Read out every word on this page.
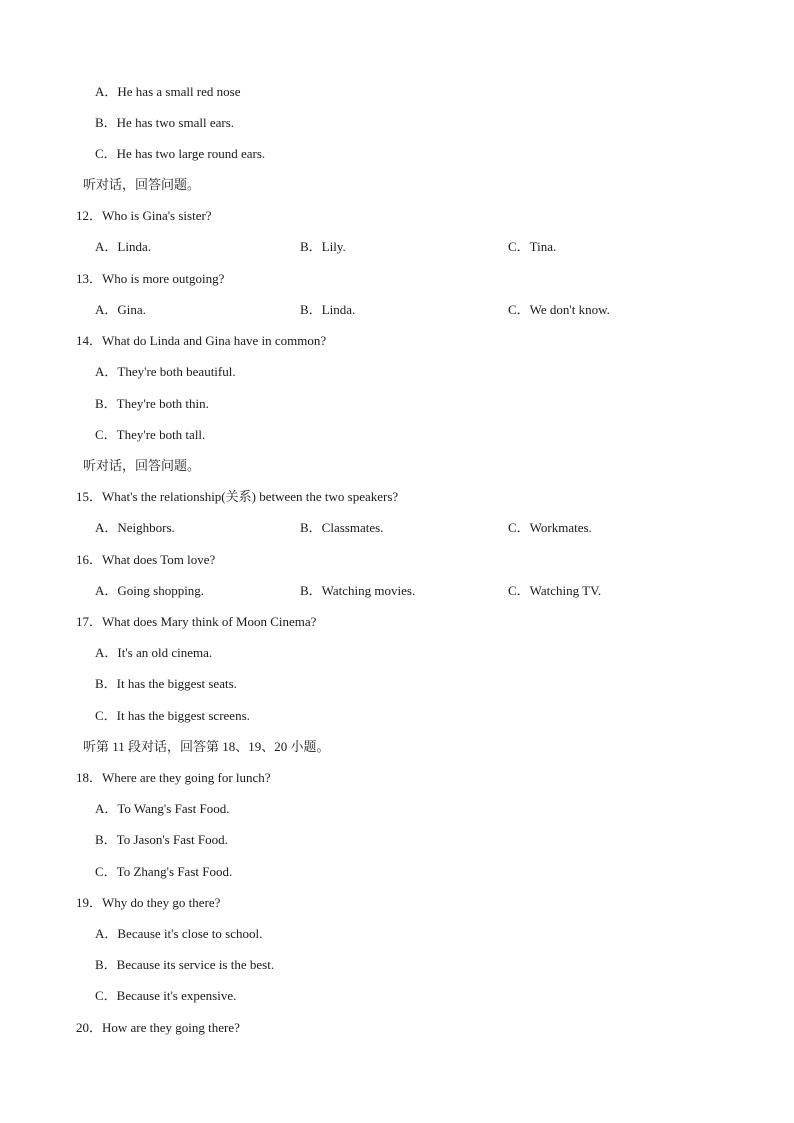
A．He has a small red nose
B．He has two small ears.
C．He has two large round ears.
听对话，回答问题。
12．Who is Gina's sister?
A．Linda.	B．Lily.	C．Tina.
13．Who is more outgoing?
A．Gina.	B．Linda.	C．We don't know.
14．What do Linda and Gina have in common?
A．They're both beautiful.
B．They're both thin.
C．They're both tall.
听对话，回答问题。
15．What's the relationship(关系) between the two speakers?
A．Neighbors.	B．Classmates.	C．Workmates.
16．What does Tom love?
A．Going shopping.	B．Watching movies.	C．Watching TV.
17．What does Mary think of Moon Cinema?
A．It's an old cinema.
B．It has the biggest seats.
C．It has the biggest screens.
听第 11 段对话，回答第 18、19、20 小题。
18．Where are they going for lunch?
A．To Wang's Fast Food.
B．To Jason's Fast Food.
C．To Zhang's Fast Food.
19．Why do they go there?
A．Because it's close to school.
B．Because its service is the best.
C．Because it's expensive.
20．How are they going there?
